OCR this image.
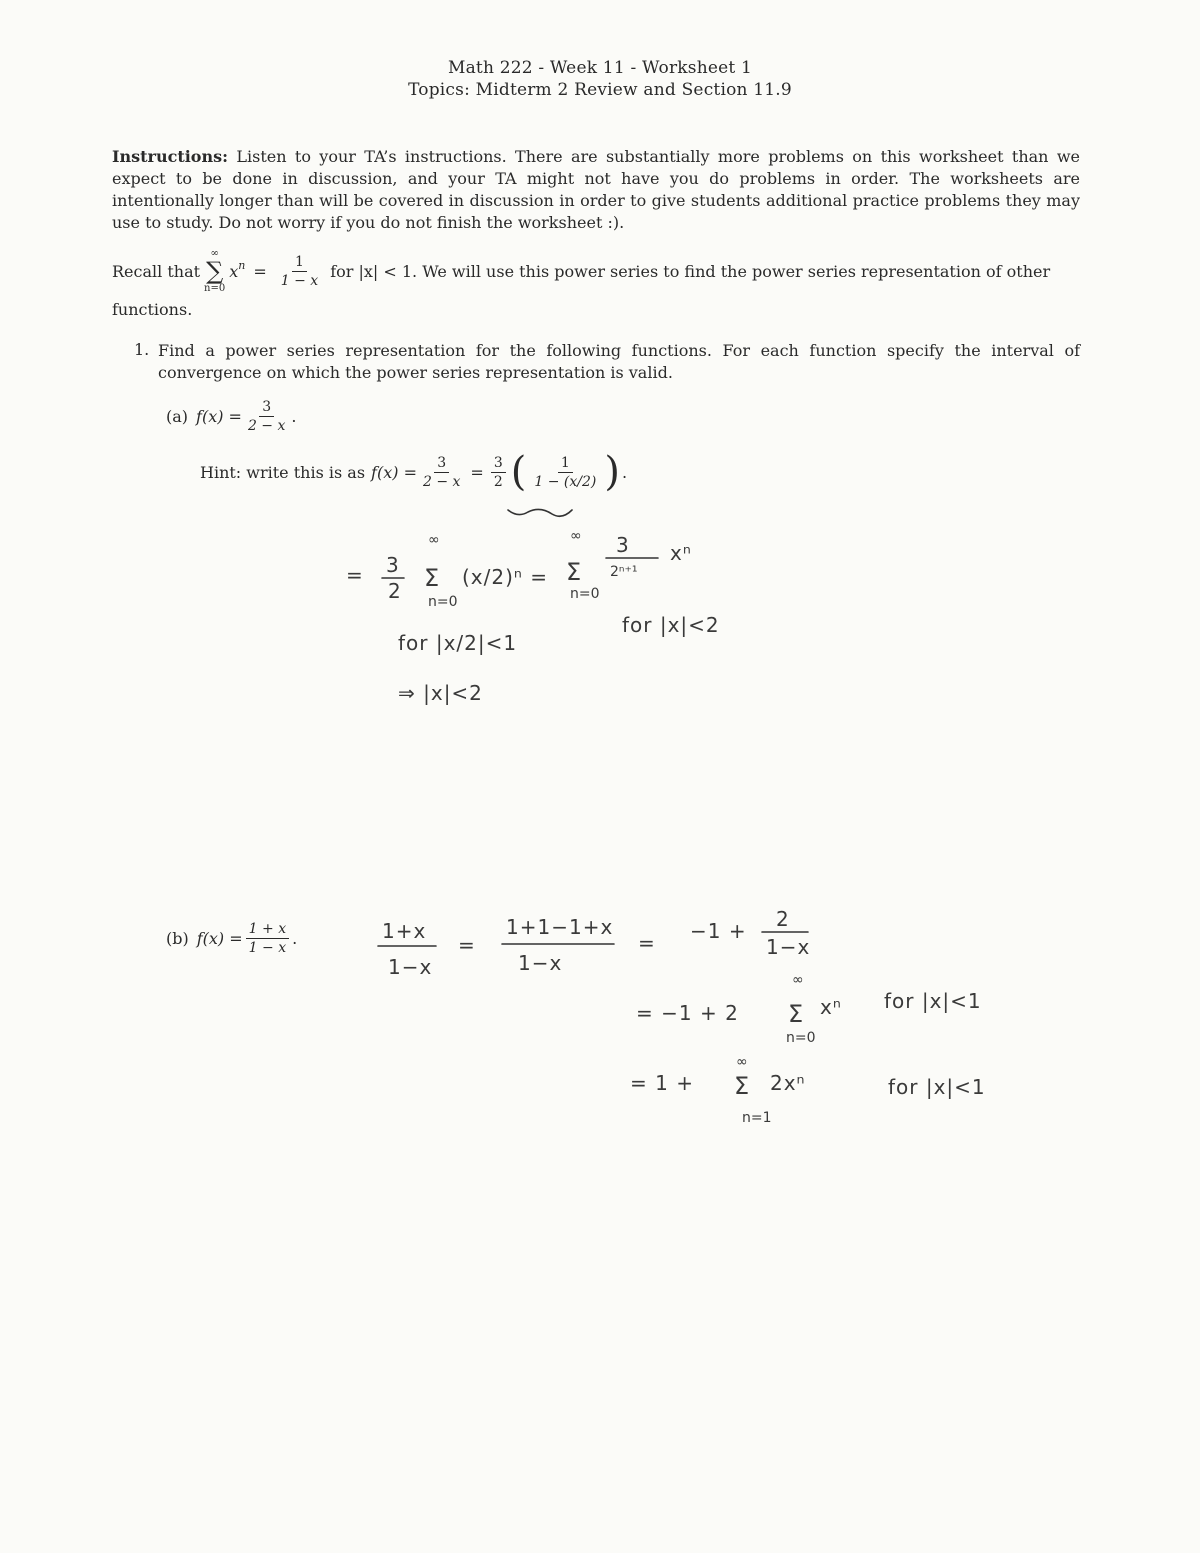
Math 222 - Week 11 - Worksheet 1
Topics: Midterm 2 Review and Section 11.9
Instructions: Listen to your TA’s instructions. There are substantially more problems on this worksheet than we expect to be done in discussion, and your TA might not have you do problems in order. The worksheets are intentionally longer than will be covered in discussion in order to give students additional practice problems they may use to study. Do not worry if you do not finish the worksheet :).
Recall that
∞
∑
n=0
$x^n = \frac{1}{1 - x}$ for |x| < 1. We will use this power series to find the power series representation of other
functions.
1. Find a power series representation for the following functions. For each function specify the interval of convergence on which the power series representation is valid.
(a) $f(x) = \frac{3}{2 - x}$ .
Hint: write this is as $f(x) = \frac{3}{2 - x} = \frac{3}{2}$ ( $\frac{1}{1 - (x/2)}$ ) .
(b) $f(x) = \frac{1 + x}{1 - x}$ .
= 3
2
∞
Σ
n=0
(x/2)ⁿ =
∞
Σ
n=0
3
2ⁿ⁺¹
xⁿ
for |x|<2
for |x/2|<1
⇒ |x|<2
1+x
1−x
=
1+1−1+x
1−x
= −1 + 2
1−x
= −1 + 2
∞
Σ
n=0
xⁿ for |x|<1
= 1 +
∞
Σ
n=1
2xⁿ	for |x|<1
